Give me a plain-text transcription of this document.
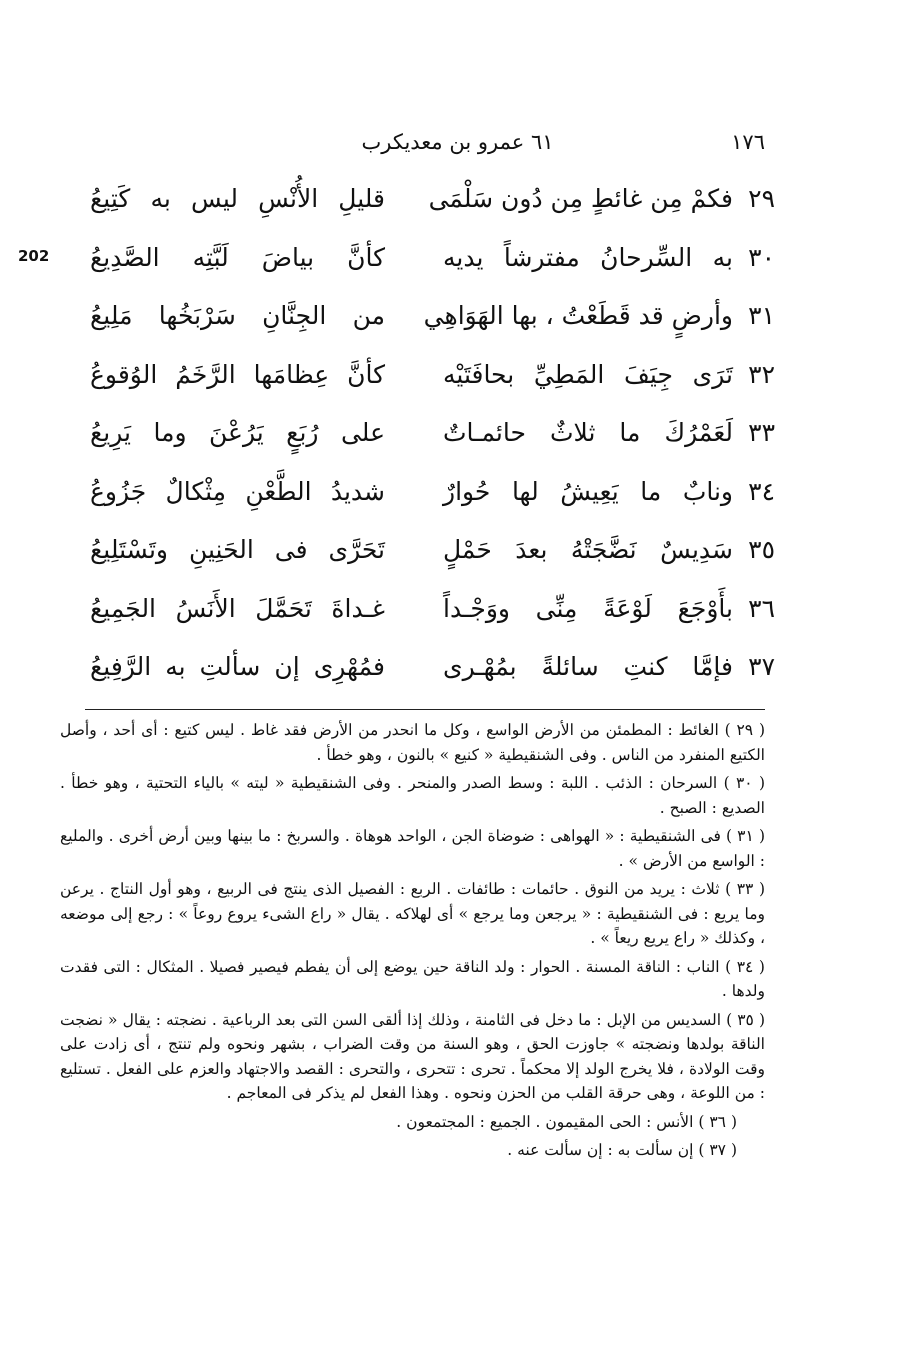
١٧٦
٦١ عمرو بن معديكرب
202
٢٩
فكمْ مِن غائطٍ مِن دُون سَلْمَى
قليلِ الأُنْسِ ليس به كَتِيعُ
٣٠
به السِّرحانُ مفترشاً يديه
كأنَّ بياضَ لَبَّتِه الصَّدِيعُ
٣١
وأرضٍ قد قَطَعْتُ ، بها الهَوَاهِي
من الجِنَّانِ سَرْبَخُها مَلِيعُ
٣٢
تَرَى جِيَفَ المَطِيِّ بحافَتَيْه
كأنَّ عِظامَها الرَّخَمُ الوُقوعُ
٣٣
لَعَمْرُكَ ما ثلاثٌ حائمـاتٌ
على رُبَعٍ يَرُعْنَ وما يَرِيعُ
٣٤
ونابٌ ما يَعِيشُ لها حُوارٌ
شديدُ الطَّعْنِ مِثْكالٌ جَزُوعُ
٣٥
سَدِيسٌ نَضَّجَتْهُ بعدَ حَمْلٍ
تَحَرَّى فى الحَنِينِ وتَسْتَلِيعُ
٣٦
بأَوْجَعَ لَوْعَةً مِنِّى ووَجْـداً
غـداةَ تَحَمَّلَ الأَنَسُ الجَمِيعُ
٣٧
فإمَّا كنتِ سائلةً بمُهْـرى
فمُهْرِى إن سألتِ به الرَّفِيعُ

( ٢٩ ) الغائط : المطمئن من الأرض الواسع ، وكل ما انحدر من الأرض فقد غاط . ليس كتيع : أى أحد ، وأصل الكتيع المنفرد من الناس . وفى الشنقيطية « كنيع » بالنون ، وهو خطأ .

( ٣٠ ) السرحان : الذئب . اللبة : وسط الصدر والمنحر . وفى الشنقيطية « ليته » بالياء التحتية ، وهو خطأ . الصديع : الصبح .

( ٣١ ) فى الشنقيطية : « الهواهى : ضوضاة الجن ، الواحد هوهاة . والسربخ : ما بينها وبين أرض أخرى . والمليع : الواسع من الأرض » .

( ٣٣ ) ثلاث : يريد من النوق . حائمات : طائفات . الربع : الفصيل الذى ينتج فى الربيع ، وهو أول النتاج . يرعن وما يريع : فى الشنقيطية : « يرجعن وما يرجع » أى لهلاكه . يقال « راع الشىء يروع روعاً » : رجع إلى موضعه ، وكذلك « راع يريع ريعاً » .

( ٣٤ ) الناب : الناقة المسنة . الحوار : ولد الناقة حين يوضع إلى أن يفطم فيصير فصيلا . المثكال : التى فقدت ولدها .

( ٣٥ ) السديس من الإبل : ما دخل فى الثامنة ، وذلك إذا ألقى السن التى بعد الرباعية . نضجته : يقال « نضجت الناقة بولدها ونضجته » جاوزت الحق ، وهو السنة من وقت الضراب ، بشهر ونحوه ولم تنتج ، أى زادت على وقت الولادة ، فلا يخرج الولد إلا محكماً . تحرى : تتحرى ، والتحرى : القصد والاجتهاد والعزم على الفعل . تستليع : من اللوعة ، وهى حرقة القلب من الحزن ونحوه . وهذا الفعل لم يذكر فى المعاجم .

( ٣٦ ) الأنس : الحى المقيمون . الجميع : المجتمعون .

( ٣٧ ) إن سألت به : إن سألت عنه .
